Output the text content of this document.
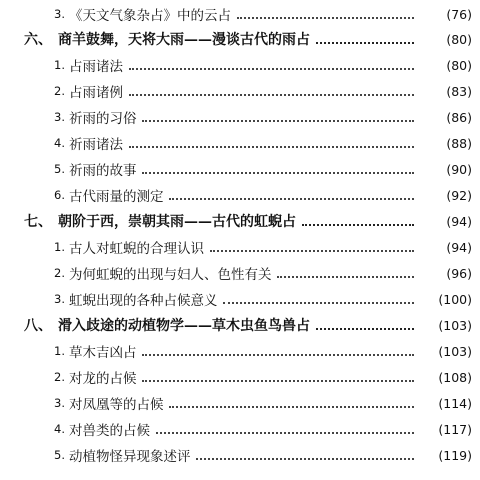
3. 《天文气象杂占》中的云占	(76)
六、 商羊鼓舞，天将大雨——漫谈古代的雨占	(80)
1. 占雨诸法	(80)
2. 占雨诸例	(83)
3. 祈雨的习俗	(86)
4. 祈雨诸法	(88)
5. 祈雨的故事	(90)
6. 古代雨量的测定	(92)
七、 朝阶于西，崇朝其雨——古代的虹蜺占	(94)
1. 古人对虹蜺的合理认识	(94)
2. 为何虹蜺的出现与妇人、色性有关	(96)
3. 虹蜺出现的各种占候意义	(100)
八、 滑入歧途的动植物学——草木虫鱼鸟兽占	(103)
1. 草木吉凶占	(103)
2. 对龙的占候	(108)
3. 对凤凰等的占候	(114)
4. 对兽类的占候	(117)
5. 动植物怪异现象述评	(119)
